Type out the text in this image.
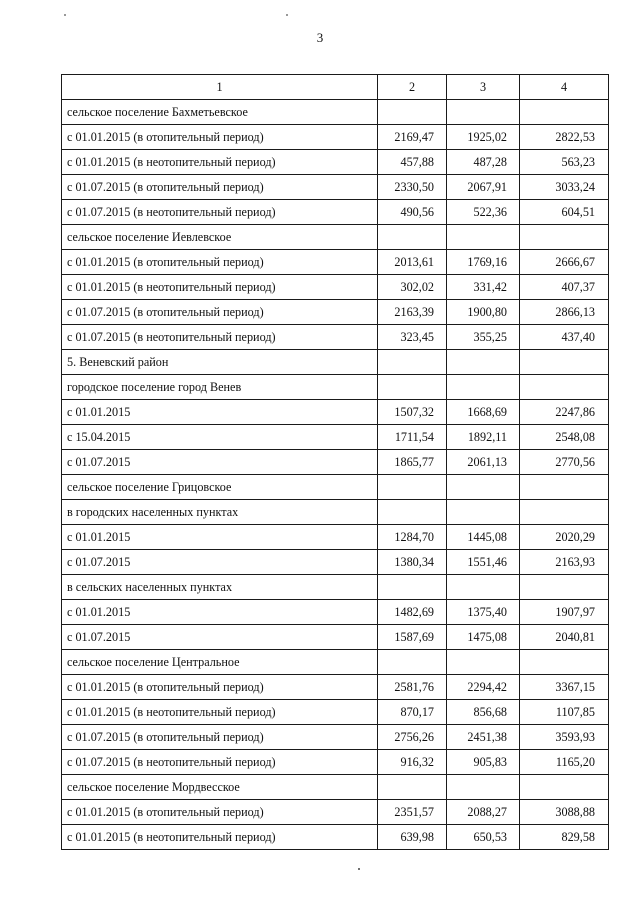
3
1	2	3	4
сельское поселение Бахметьевское			
с 01.01.2015 (в отопительный период)	2169,47	1925,02	2822,53
с 01.01.2015 (в неотопительный период)	457,88	487,28	563,23
с 01.07.2015 (в отопительный период)	2330,50	2067,91	3033,24
с 01.07.2015 (в неотопительный период)	490,56	522,36	604,51
сельское поселение Иевлевское			
с 01.01.2015 (в отопительный период)	2013,61	1769,16	2666,67
с 01.01.2015 (в неотопительный период)	302,02	331,42	407,37
с 01.07.2015 (в отопительный период)	2163,39	1900,80	2866,13
с 01.07.2015 (в неотопительный период)	323,45	355,25	437,40
5. Веневский район			
городское поселение город Венев			
с 01.01.2015	1507,32	1668,69	2247,86
с 15.04.2015	1711,54	1892,11	2548,08
с 01.07.2015	1865,77	2061,13	2770,56
сельское поселение Грицовское			
в городских населенных пунктах			
с 01.01.2015	1284,70	1445,08	2020,29
с 01.07.2015	1380,34	1551,46	2163,93
в сельских населенных пунктах			
с 01.01.2015	1482,69	1375,40	1907,97
с 01.07.2015	1587,69	1475,08	2040,81
сельское поселение Центральное			
с 01.01.2015 (в отопительный период)	2581,76	2294,42	3367,15
с 01.01.2015 (в неотопительный период)	870,17	856,68	1107,85
с 01.07.2015 (в отопительный период)	2756,26	2451,38	3593,93
с 01.07.2015 (в неотопительный период)	916,32	905,83	1165,20
сельское поселение Мордвесское			
с 01.01.2015 (в отопительный период)	2351,57	2088,27	3088,88
с 01.01.2015 (в неотопительный период)	639,98	650,53	829,58
